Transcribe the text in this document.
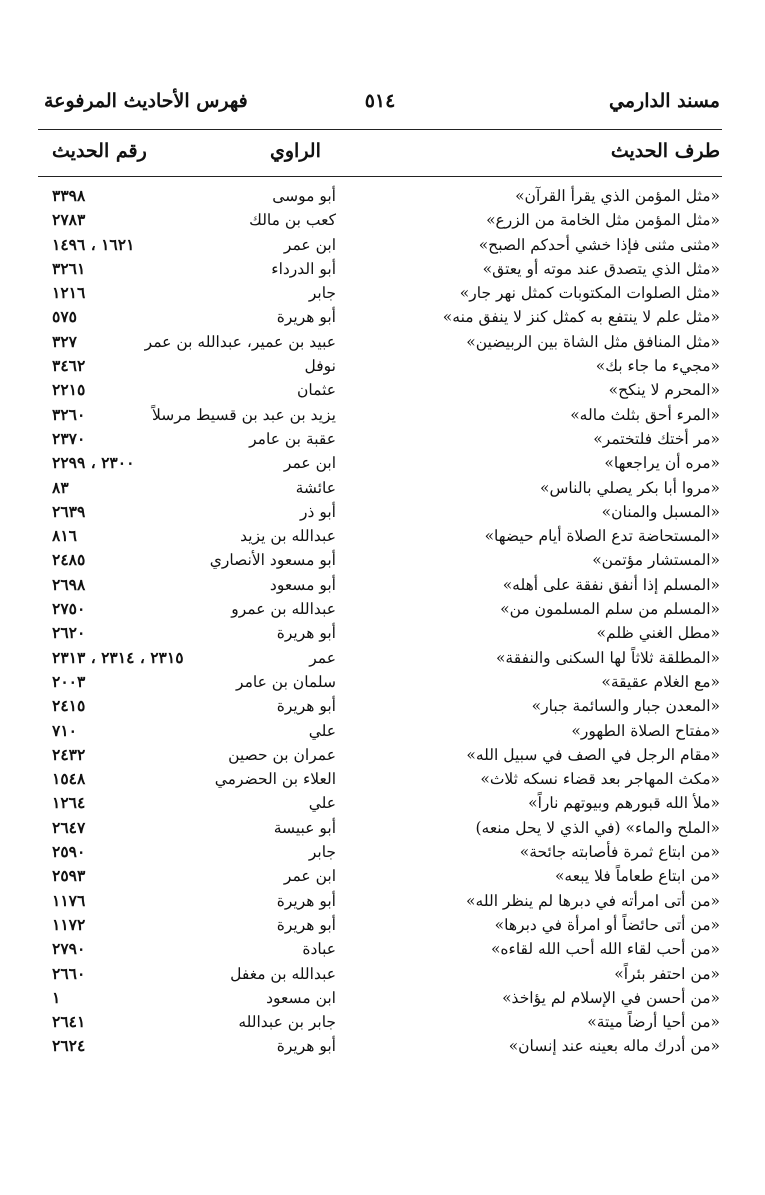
مسند الدارمي
٥١٤
فهرس الأحاديث المرفوعة
طرف الحديث
الراوي
رقم الحديث
«مثل المؤمن الذي يقرأ القرآن»
أبو موسى
٣٣٩٨
«مثل المؤمن مثل الخامة من الزرع»
كعب بن مالك
٢٧٨٣
«مثنى مثنى فإذا خشي أحدكم الصبح»
ابن عمر
١٦٢١ ، ١٤٩٦
«مثل الذي يتصدق عند موته أو يعتق»
أبو الدرداء
٣٢٦١
«مثل الصلوات المكتوبات كمثل نهر جار»
جابر
١٢١٦
«مثل علم لا ينتفع به كمثل كنز لا ينفق منه»
أبو هريرة
٥٧٥
«مثل المنافق مثل الشاة بين الربيضين»
عبيد بن عمير، عبدالله بن عمر
٣٢٧
«مجيء ما جاء بك»
نوفل
٣٤٦٢
«المحرم لا ينكح»
عثمان
٢٢١٥
«المرء أحق بثلث ماله»
يزيد بن عبد بن قسيط مرسلاً
٣٢٦٠
«مر أختك فلتختمر»
عقبة بن عامر
٢٣٧٠
«مره أن يراجعها»
ابن عمر
٢٣٠٠ ، ٢٢٩٩
«مروا أبا بكر يصلي بالناس»
عائشة
٨٣
«المسبل والمنان»
أبو ذر
٢٦٣٩
«المستحاضة تدع الصلاة أيام حيضها»
عبدالله بن يزيد
٨١٦
«المستشار مؤتمن»
أبو مسعود الأنصاري
٢٤٨٥
«المسلم إذا أنفق نفقة على أهله»
أبو مسعود
٢٦٩٨
«المسلم من سلم المسلمون من»
عبدالله بن عمرو
٢٧٥٠
«مطل الغني ظلم»
أبو هريرة
٢٦٢٠
«المطلقة ثلاثاً لها السكنى والنفقة»
عمر
٢٣١٥ ، ٢٣١٤ ، ٢٣١٣
«مع الغلام عقيقة»
سلمان بن عامر
٢٠٠٣
«المعدن جبار والسائمة جبار»
أبو هريرة
٢٤١٥
«مفتاح الصلاة الطهور»
علي
٧١٠
«مقام الرجل في الصف في سبيل الله»
عمران بن حصين
٢٤٣٢
«مكث المهاجر بعد قضاء نسكه ثلاث»
العلاء بن الحضرمي
١٥٤٨
«ملأ الله قبورهم وبيوتهم ناراً»
علي
١٢٦٤
«الملح والماء» (في الذي لا يحل منعه)
أبو عبيسة
٢٦٤٧
«من ابتاع ثمرة فأصابته جائحة»
جابر
٢٥٩٠
«من ابتاع طعاماً فلا يبعه»
ابن عمر
٢٥٩٣
«من أتى امرأته في دبرها لم ينظر الله»
أبو هريرة
١١٧٦
«من أتى حائضاً أو امرأة في دبرها»
أبو هريرة
١١٧٢
«من أحب لقاء الله أحب الله لقاءه»
عبادة
٢٧٩٠
«من احتفر بئراً»
عبدالله بن مغفل
٢٦٦٠
«من أحسن في الإسلام لم يؤاخذ»
ابن مسعود
١
«من أحيا أرضاً ميتة»
جابر بن عبدالله
٢٦٤١
«من أدرك ماله بعينه عند إنسان»
أبو هريرة
٢٦٢٤
